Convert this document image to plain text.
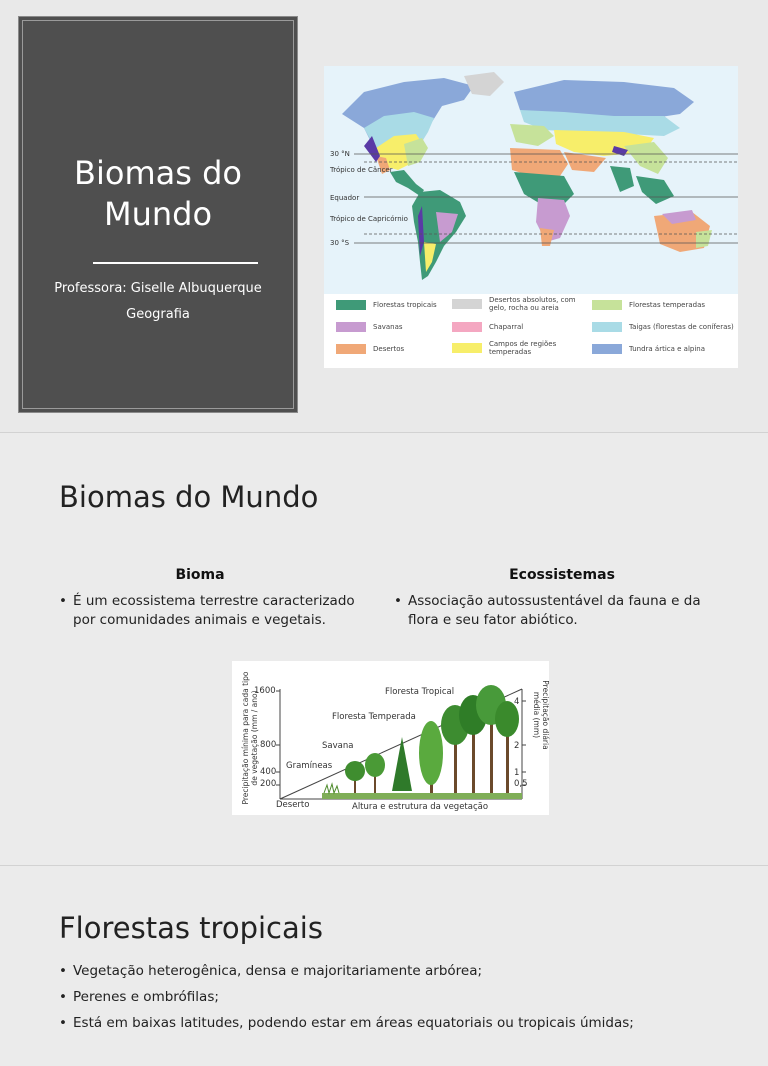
Biomas do Mundo
Professora: Giselle Albuquerque
Geografia
30 °N
Trópico de Câncer
Equador
Trópico de Capricórnio
30 °S
Florestas tropicais
Savanas
Desertos
Desertos absolutos, com gelo, rocha ou areia
Chaparral
Campos de regiões temperadas
Florestas temperadas
Taigas (florestas de coníferas)
Tundra ártica e alpina
Biomas do Mundo
Bioma	Ecossistemas
• É um ecossistema terrestre caracterizado por comunidades animais e vegetais.
• Associação autossustentável da fauna e da flora e seu fator abiótico.
Precipitação mínima para cada tipo de vegetação (mm / ano)
1600
800
400
200
Precipitação diária média (mm)
4
2
1
0,5
Altura e estrutura da vegetação
Deserto
Gramíneas
Savana
Floresta Temperada
Floresta Tropical
Florestas tropicais
• Vegetação heterogênica, densa e majoritariamente arbórea;
• Perenes e ombrófilas;
• Está em baixas latitudes, podendo estar em áreas equatoriais ou tropicais úmidas;
